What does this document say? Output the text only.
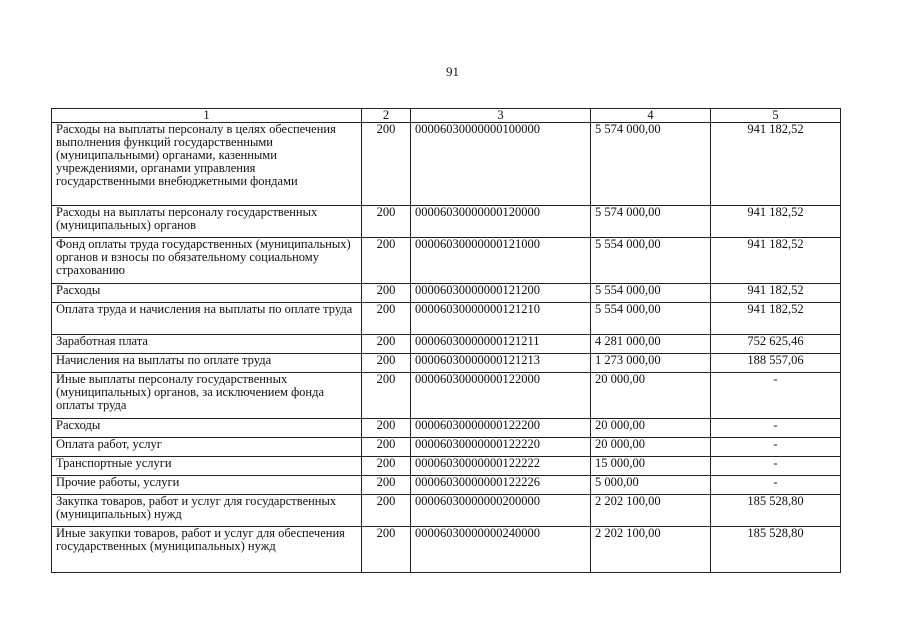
91
1	2	3	4	5
Расходы на выплаты персоналу в целях обеспечения выполнения функций государственными (муниципальными) органами, казенными учреждениями, органами управления государственными внебюджетными фондами	200	00006030000000100000	5 574 000,00	941 182,52
Расходы на выплаты персоналу государственных (муниципальных) органов	200	00006030000000120000	5 574 000,00	941 182,52
Фонд оплаты труда государственных (муниципальных) органов и взносы по обязательному социальному страхованию	200	00006030000000121000	5 554 000,00	941 182,52
Расходы	200	00006030000000121200	5 554 000,00	941 182,52
Оплата труда и начисления на выплаты по оплате труда	200	00006030000000121210	5 554 000,00	941 182,52
Заработная плата	200	00006030000000121211	4 281 000,00	752 625,46
Начисления на выплаты по оплате труда	200	00006030000000121213	1 273 000,00	188 557,06
Иные выплаты персоналу государственных (муниципальных) органов, за исключением фонда оплаты труда	200	00006030000000122000	20 000,00	-
Расходы	200	00006030000000122200	20 000,00	-
Оплата работ, услуг	200	00006030000000122220	20 000,00	-
Транспортные услуги	200	00006030000000122222	15 000,00	-
Прочие работы, услуги	200	00006030000000122226	5 000,00	-
Закупка товаров, работ и услуг для государственных (муниципальных) нужд	200	00006030000000200000	2 202 100,00	185 528,80
Иные закупки товаров, работ и услуг для обеспечения государственных (муниципальных) нужд	200	00006030000000240000	2 202 100,00	185 528,80
